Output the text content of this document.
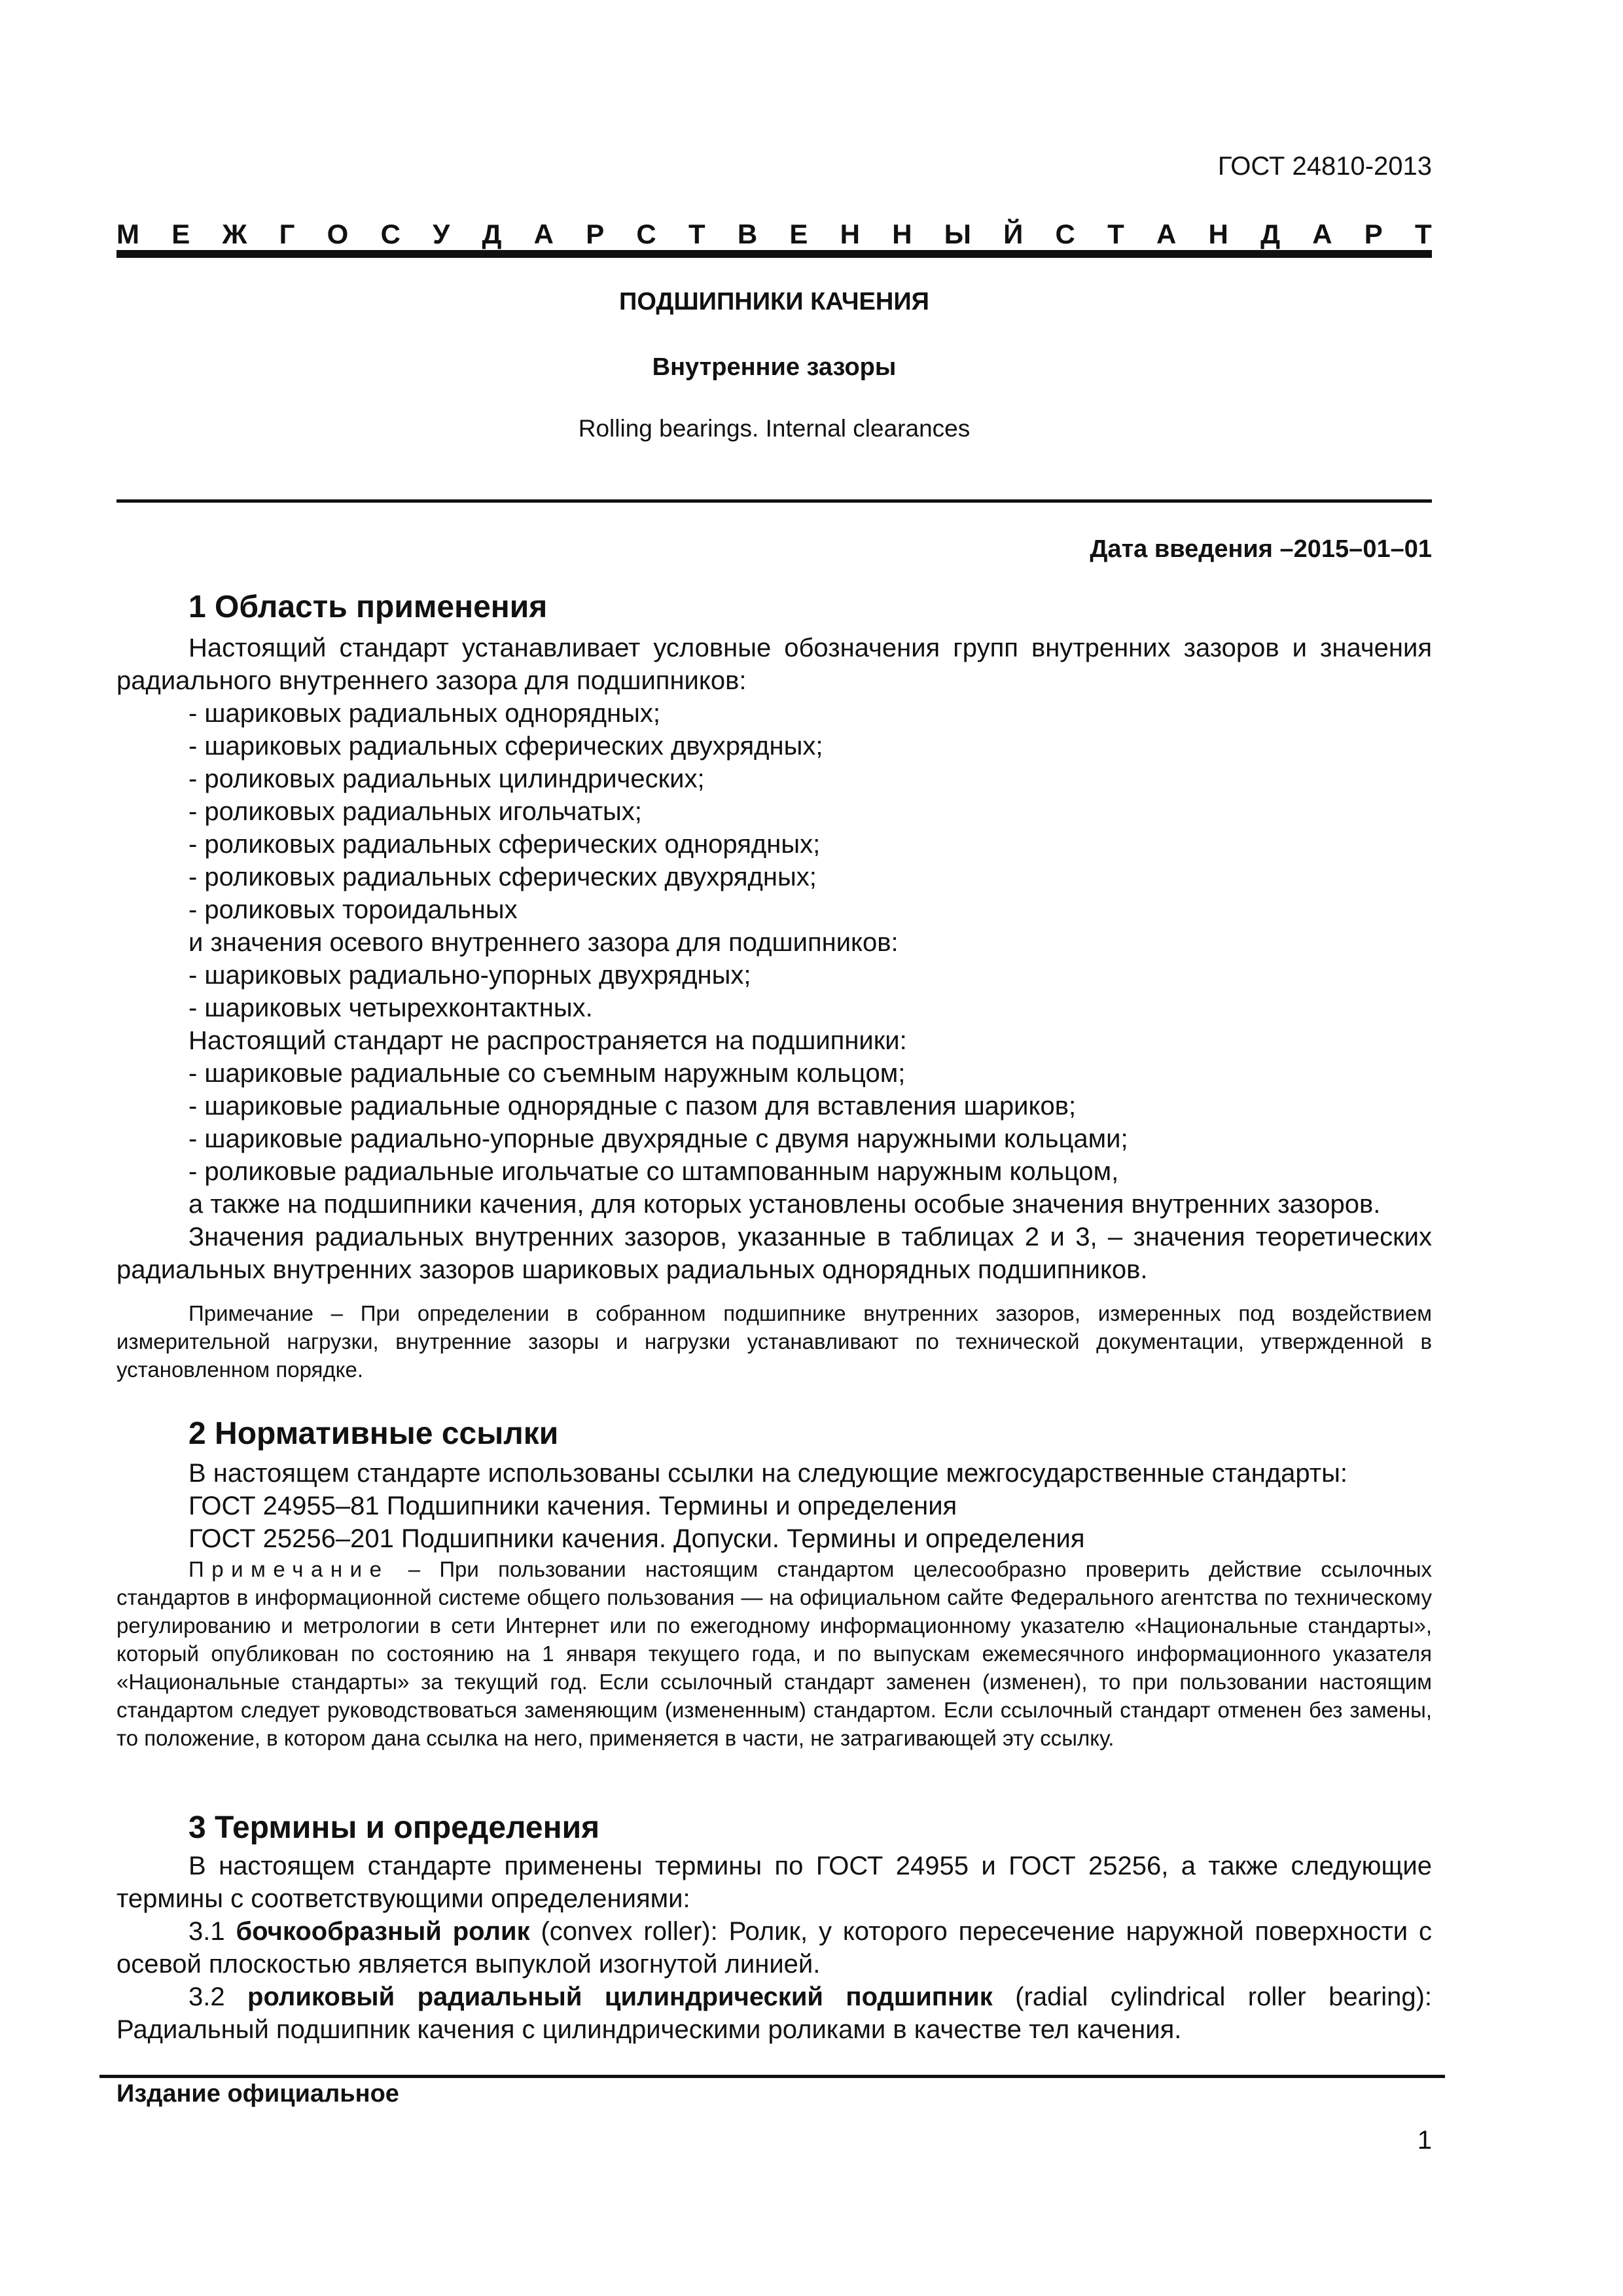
ГОСТ 24810-2013
М Е Ж Г О С У Д А Р С Т В Е Н Н Ы Й С Т А Н Д А Р Т
ПОДШИПНИКИ КАЧЕНИЯ
Внутренние зазоры
Rolling bearings. Internal clearances
Дата введения –2015–01–01
1 Область применения

Настоящий стандарт устанавливает условные обозначения групп внутренних зазоров и значения радиального внутреннего зазора для подшипников:

- шариковых радиальных однорядных;

- шариковых радиальных сферических двухрядных;

- роликовых радиальных цилиндрических;

- роликовых радиальных игольчатых;

- роликовых радиальных сферических однорядных;

- роликовых радиальных сферических двухрядных;

- роликовых тороидальных

и значения осевого внутреннего зазора для подшипников:

- шариковых радиально-упорных двухрядных;

- шариковых четырехконтактных.

Настоящий стандарт не распространяется на подшипники:

- шариковые радиальные со съемным наружным кольцом;

- шариковые радиальные однорядные с пазом для вставления шариков;

- шариковые радиально-упорные двухрядные с двумя наружными кольцами;

- роликовые радиальные игольчатые со штампованным наружным кольцом,

а также на подшипники качения, для которых установлены особые значения внутренних зазоров.

Значения радиальных внутренних зазоров, указанные в таблицах 2 и 3, – значения теоретических радиальных внутренних зазоров шариковых радиальных однорядных подшипников.

Примечание – При определении в собранном подшипнике внутренних зазоров, измеренных под воздействием измерительной нагрузки, внутренние зазоры и нагрузки устанавливают по технической документации, утвержденной в установленном порядке.

2 Нормативные ссылки

В настоящем стандарте использованы ссылки на следующие межгосударственные стандарты:

ГОСТ 24955–81 Подшипники качения. Термины и определения

ГОСТ 25256–201 Подшипники качения. Допуски. Термины и определения

Примечание – При пользовании настоящим стандартом целесообразно проверить действие ссылочных стандартов в информационной системе общего пользования — на официальном сайте Федерального агентства по техническому регулированию и метрологии в сети Интернет или по ежегодному информационному указателю «Национальные стандарты», который опубликован по состоянию на 1 января текущего года, и по выпускам ежемесячного информационного указателя «Национальные стандарты» за текущий год. Если ссылочный стандарт заменен (изменен), то при пользовании настоящим стандартом следует руководствоваться заменяющим (измененным) стандартом. Если ссылочный стандарт отменен без замены, то положение, в котором дана ссылка на него, применяется в части, не затрагивающей эту ссылку.

3 Термины и определения

В настоящем стандарте применены термины по ГОСТ 24955 и ГОСТ 25256, а также следующие термины с соответствующими определениями:

3.1 бочкообразный ролик (convex roller): Ролик, у которого пересечение наружной поверхности с осевой плоскостью является выпуклой изогнутой линией.

3.2 роликовый радиальный цилиндрический подшипник (radial cylindrical roller bearing): Радиальный подшипник качения с цилиндрическими роликами в качестве тел качения.

Издание официальное
1
